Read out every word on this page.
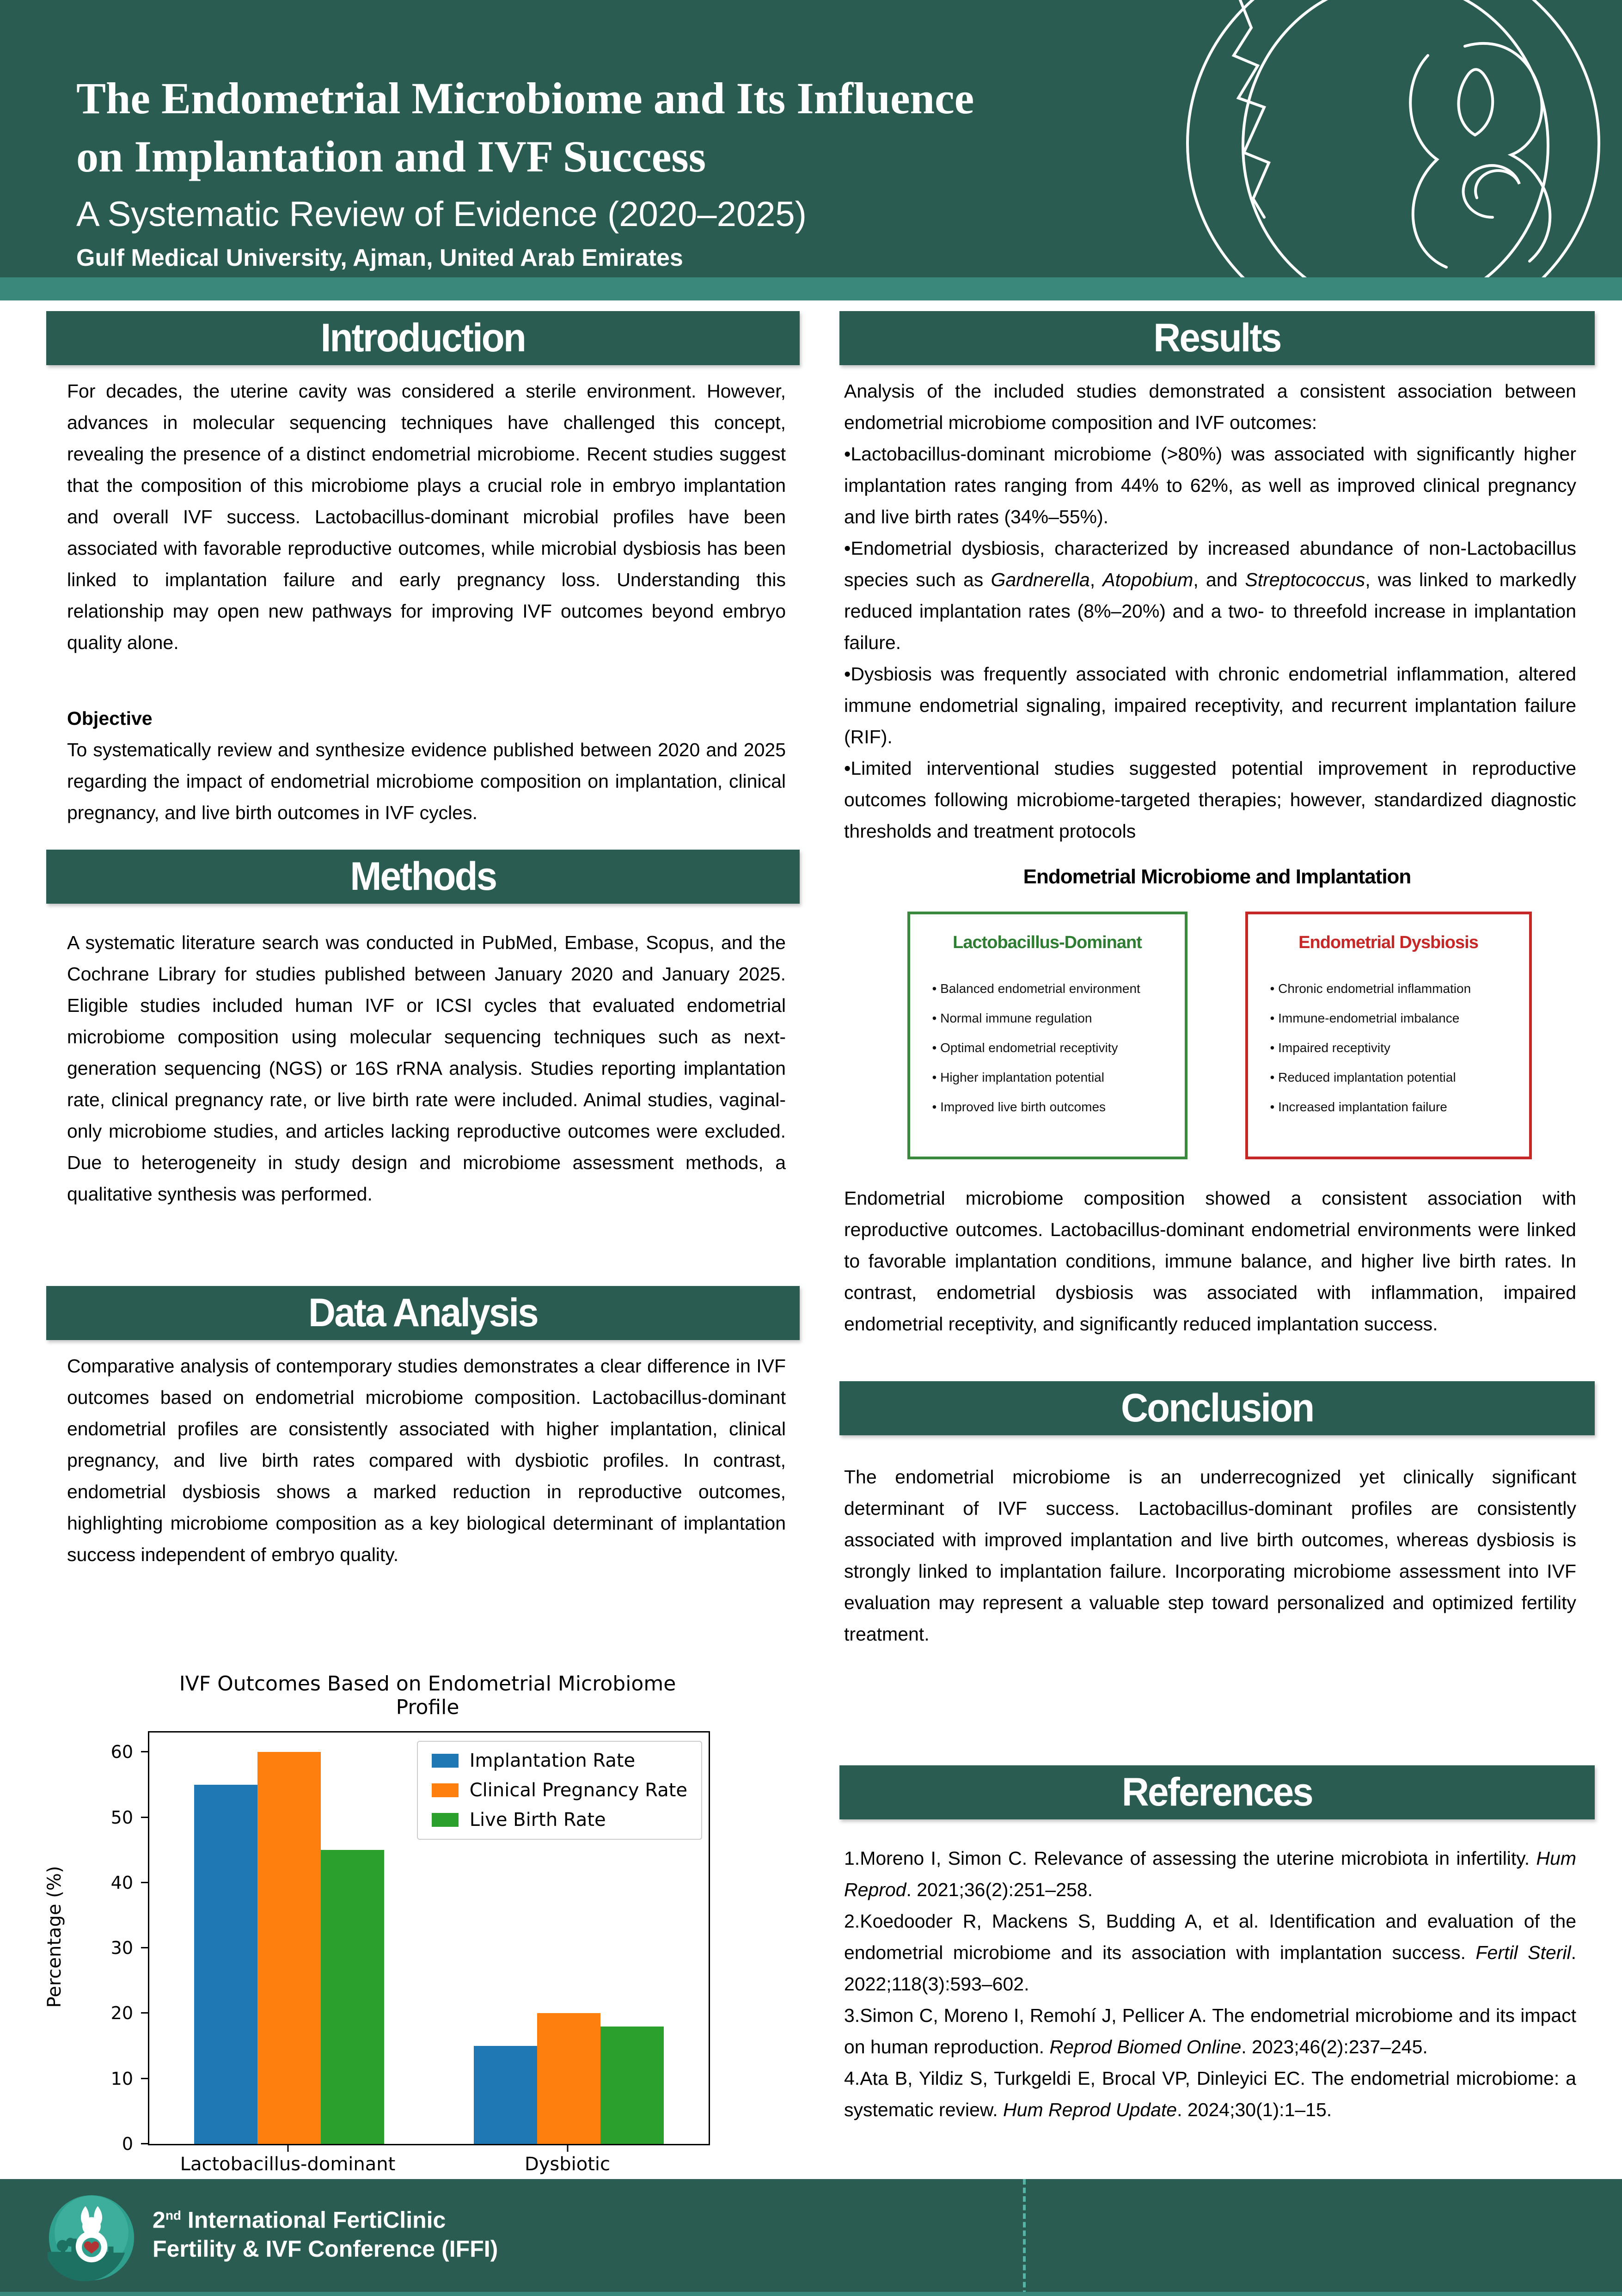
The Endometrial Microbiome and Its Influence
on Implantation and IVF Success
A Systematic Review of Evidence (2020–2025)
Gulf Medical University, Ajman, United Arab Emirates
Introduction

For decades, the uterine cavity was considered a sterile environment. However, advances in molecular sequencing techniques have challenged this concept, revealing the presence of a distinct endometrial microbiome. Recent studies suggest that the composition of this microbiome plays a crucial role in embryo implantation and overall IVF success. Lactobacillus-dominant microbial profiles have been associated with favorable reproductive outcomes, while microbial dysbiosis has been linked to implantation failure and early pregnancy loss. Understanding this relationship may open new pathways for improving IVF outcomes beyond embryo quality alone.

Objective

To systematically review and synthesize evidence published between 2020 and 2025 regarding the impact of endometrial microbiome composition on implantation, clinical pregnancy, and live birth outcomes in IVF cycles.

Methods

A systematic literature search was conducted in PubMed, Embase, Scopus, and the Cochrane Library for studies published between January 2020 and January 2025. Eligible studies included human IVF or ICSI cycles that evaluated endometrial microbiome composition using molecular sequencing techniques such as next-generation sequencing (NGS) or 16S rRNA analysis. Studies reporting implantation rate, clinical pregnancy rate, or live birth rate were included. Animal studies, vaginal-only microbiome studies, and articles lacking reproductive outcomes were excluded. Due to heterogeneity in study design and microbiome assessment methods, a qualitative synthesis was performed.

Data Analysis

Comparative analysis of contemporary studies demonstrates a clear difference in IVF outcomes based on endometrial microbiome composition. Lactobacillus-dominant endometrial profiles are consistently associated with higher implantation, clinical pregnancy, and live birth rates compared with dysbiotic profiles. In contrast, endometrial dysbiosis shows a marked reduction in reproductive outcomes, highlighting microbiome composition as a key biological determinant of implantation success independent of embryo quality.

IVF Outcomes Based on Endometrial Microbiome Profile
Percentage (%)
Implantation Rate
Clinical Pregnancy Rate
Live Birth Rate
0
10
20
30
40
50
60
Lactobacillus-dominant	Dysbiotic
Results

Analysis of the included studies demonstrated a consistent association between endometrial microbiome composition and IVF outcomes:

•Lactobacillus-dominant microbiome (>80%) was associated with significantly higher implantation rates ranging from 44% to 62%, as well as improved clinical pregnancy and live birth rates (34%–55%).

•Endometrial dysbiosis, characterized by increased abundance of non-Lactobacillus species such as Gardnerella, Atopobium, and Streptococcus, was linked to markedly reduced implantation rates (8%–20%) and a two- to threefold increase in implantation failure.

•Dysbiosis was frequently associated with chronic endometrial inflammation, altered immune endometrial signaling, impaired receptivity, and recurrent implantation failure (RIF).

•Limited interventional studies suggested potential improvement in reproductive outcomes following microbiome-targeted therapies; however, standardized diagnostic thresholds and treatment protocols

Endometrial Microbiome and Implantation
Lactobacillus-Dominant
• Balanced endometrial environment
• Normal immune regulation
• Optimal endometrial receptivity
• Higher implantation potential
• Improved live birth outcomes
Endometrial Dysbiosis
• Chronic endometrial inflammation
• Immune-endometrial imbalance
• Impaired receptivity
• Reduced implantation potential
• Increased implantation failure

Endometrial microbiome composition showed a consistent association with reproductive outcomes. Lactobacillus-dominant endometrial environments were linked to favorable implantation conditions, immune balance, and higher live birth rates. In contrast, endometrial dysbiosis was associated with inflammation, impaired endometrial receptivity, and significantly reduced implantation success.

Conclusion

The endometrial microbiome is an underrecognized yet clinically significant determinant of IVF success. Lactobacillus-dominant profiles are consistently associated with improved implantation and live birth outcomes, whereas dysbiosis is strongly linked to implantation failure. Incorporating microbiome assessment into IVF evaluation may represent a valuable step toward personalized and optimized fertility treatment.

References

1.Moreno I, Simon C. Relevance of assessing the uterine microbiota in infertility. Hum Reprod. 2021;36(2):251–258.

2.Koedooder R, Mackens S, Budding A, et al. Identification and evaluation of the endometrial microbiome and its association with implantation success. Fertil Steril. 2022;118(3):593–602.

3.Simon C, Moreno I, Remohí J, Pellicer A. The endometrial microbiome and its impact on human reproduction. Reprod Biomed Online. 2023;46(2):237–245.

4.Ata B, Yildiz S, Turkgeldi E, Brocal VP, Dinleyici EC. The endometrial microbiome: a systematic review. Hum Reprod Update. 2024;30(1):1–15.

2nd International FertiClinic
Fertility & IVF Conference (IFFI)
